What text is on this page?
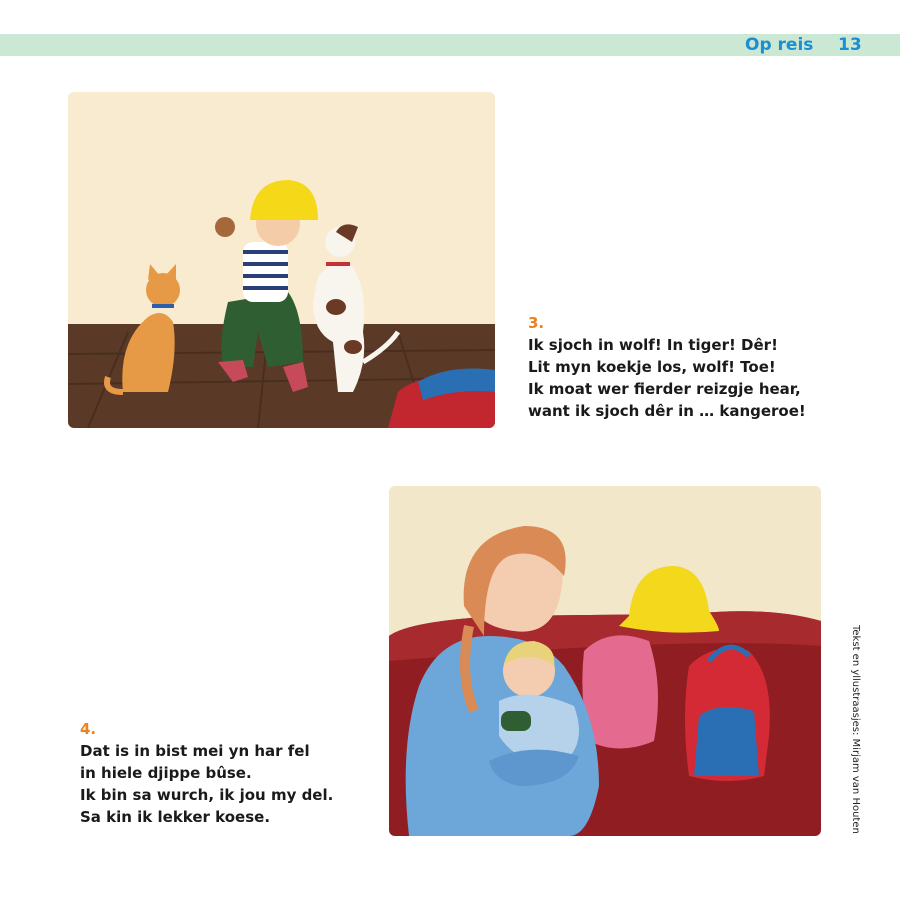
Op reis 13
3.
Ik sjoch in wolf! In tiger! Dêr!
Lit myn koekje los, wolf! Toe!
Ik moat wer fierder reizgje hear,
want ik sjoch dêr in … kangeroe!
4.
Dat is in bist mei yn har fel
in hiele djippe bûse.
Ik bin sa wurch, ik jou my del.
Sa kin ik lekker koese.	Tekst en yllustraasjes: Mirjam van Houten
